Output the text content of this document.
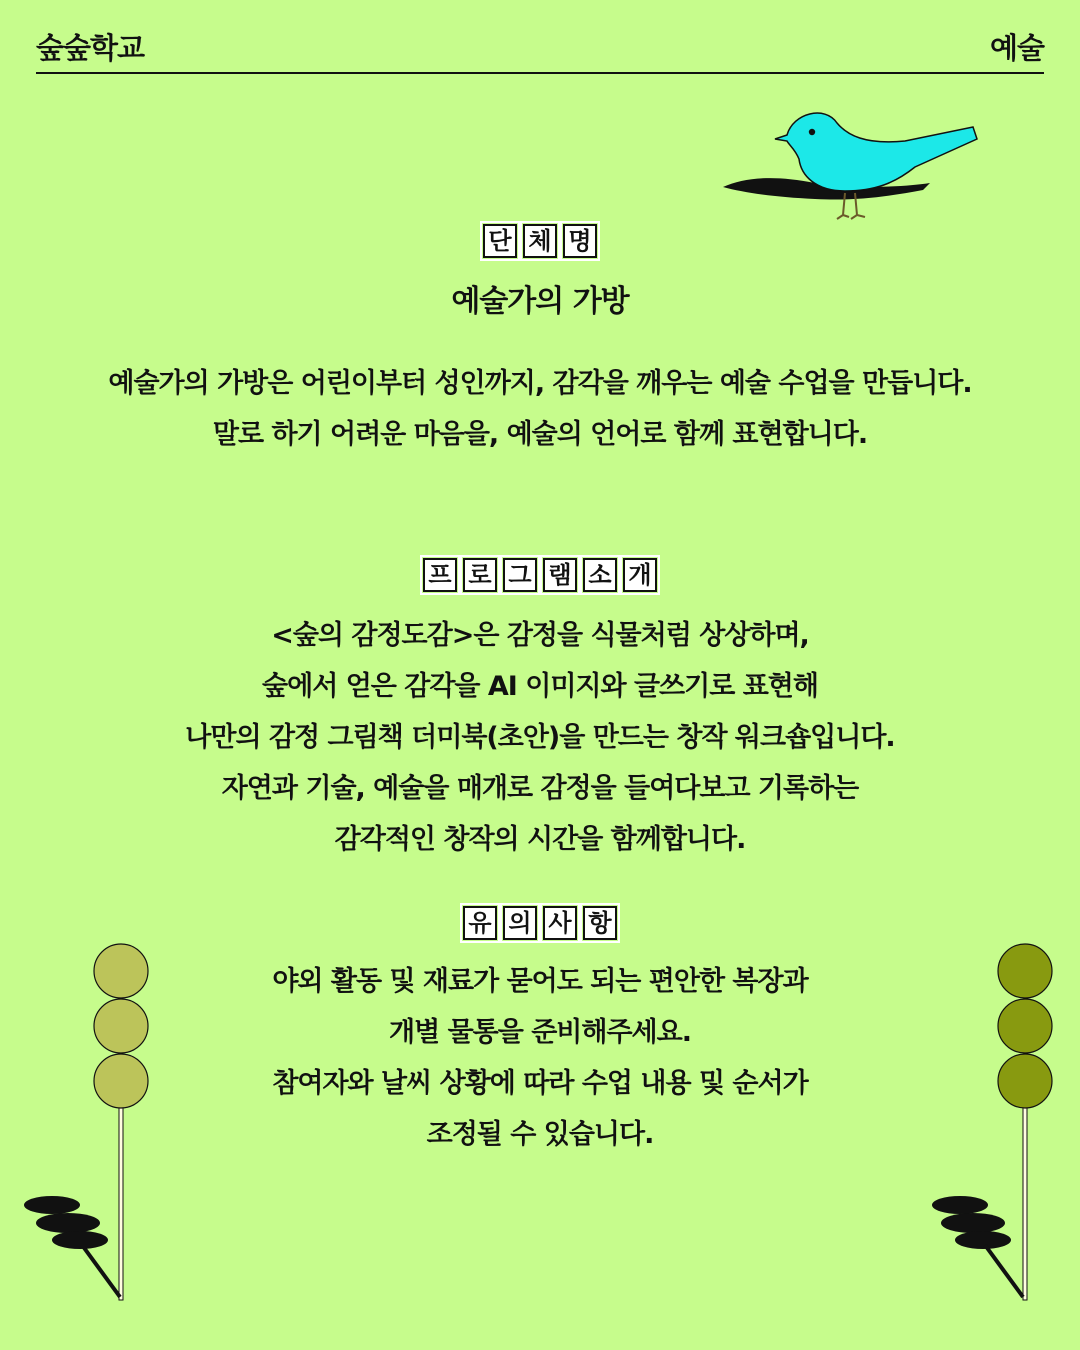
숲숲학교	예술
단 체 명
예술가의 가방
예술가의 가방은 어린이부터 성인까지, 감각을 깨우는 예술 수업을 만듭니다.
말로 하기 어려운 마음을, 예술의 언어로 함께 표현합니다.
프 로 그 램 소 개
<숲의 감정도감>은 감정을 식물처럼 상상하며,
숲에서 얻은 감각을 AI 이미지와 글쓰기로 표현해
나만의 감정 그림책 더미북(초안)을 만드는 창작 워크숍입니다.
자연과 기술, 예술을 매개로 감정을 들여다보고 기록하는
감각적인 창작의 시간을 함께합니다.
유 의 사 항
야외 활동 및 재료가 묻어도 되는 편안한 복장과
개별 물통을 준비해주세요.
참여자와 날씨 상황에 따라 수업 내용 및 순서가
조정될 수 있습니다.
